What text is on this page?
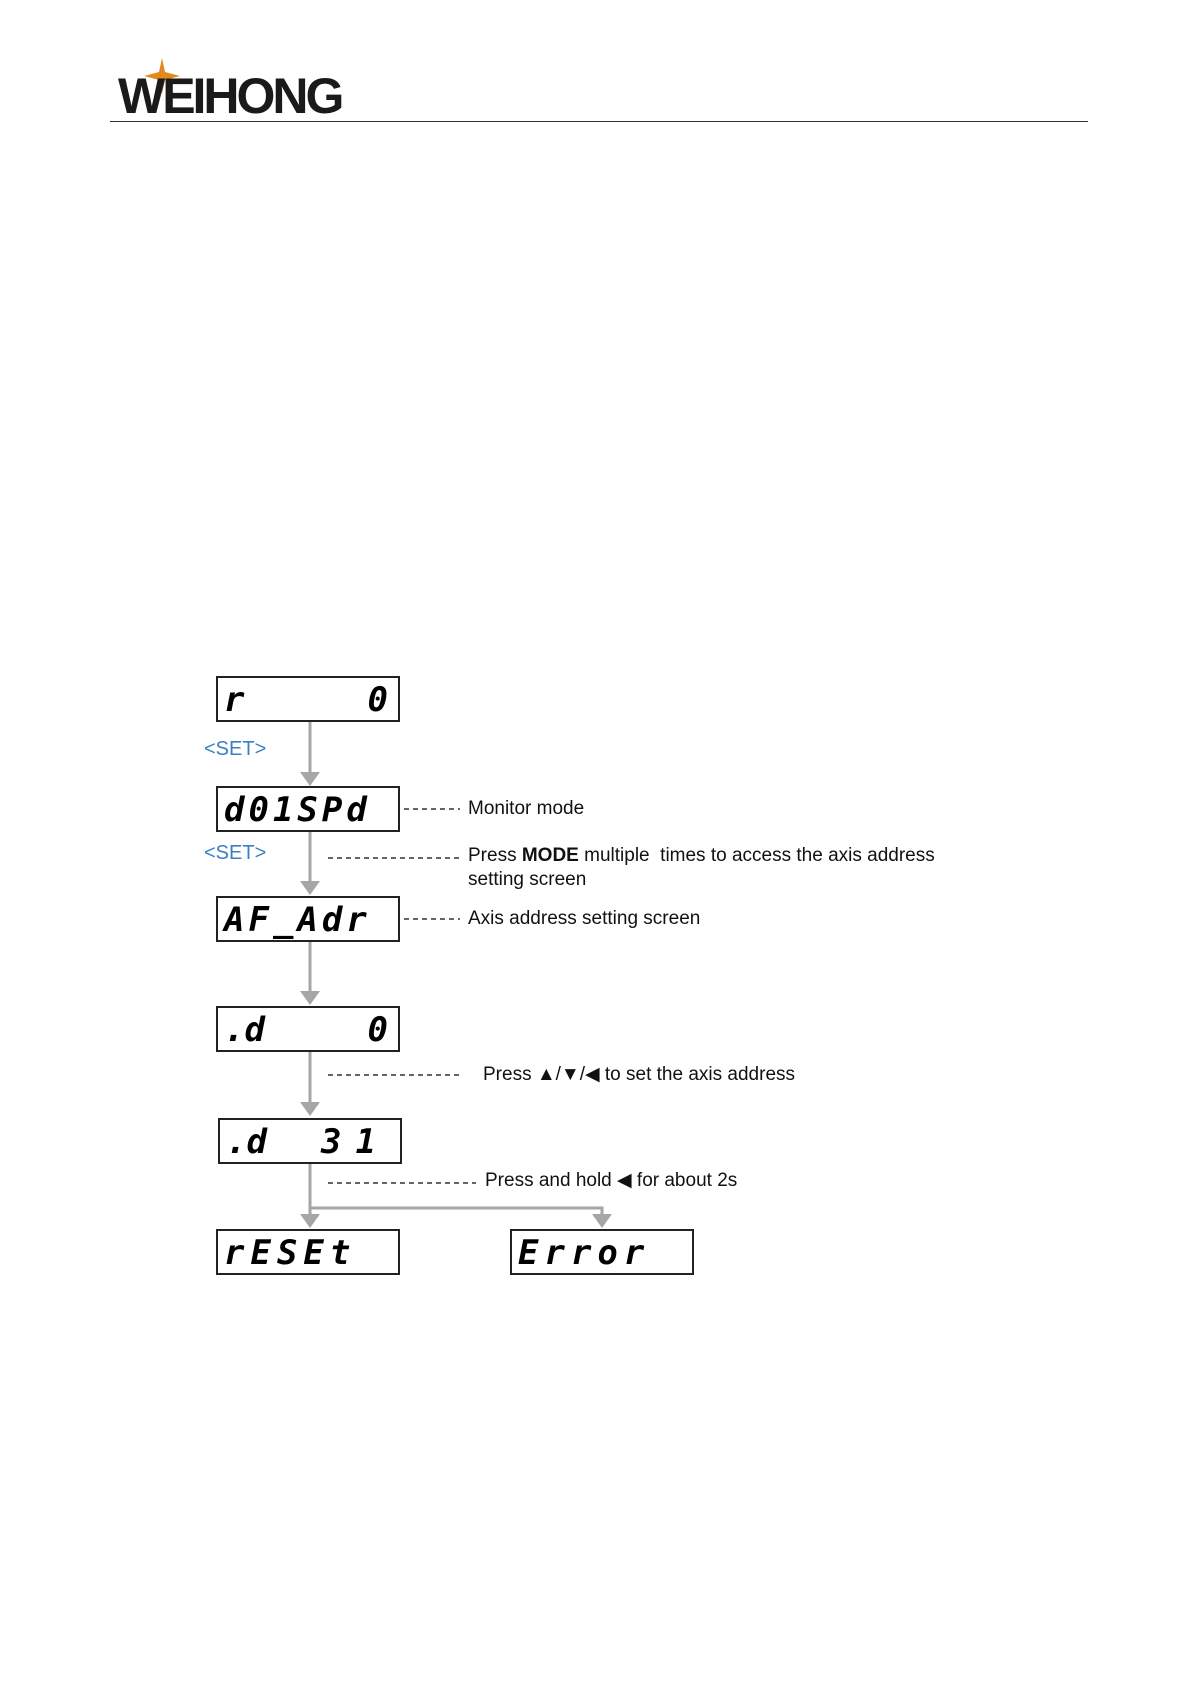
WEIHONG

r

	0

<SET>

d01SPd	Monitor mode
<SET>	Press MODE multiple  times to access the axis address
setting screen

AF_Adr	Axis address setting screen

.d

	0

Press ▲/▼/◀ to set the axis address

.d

31

Press and hold ◀ for about 2s

rESEt

	Error
